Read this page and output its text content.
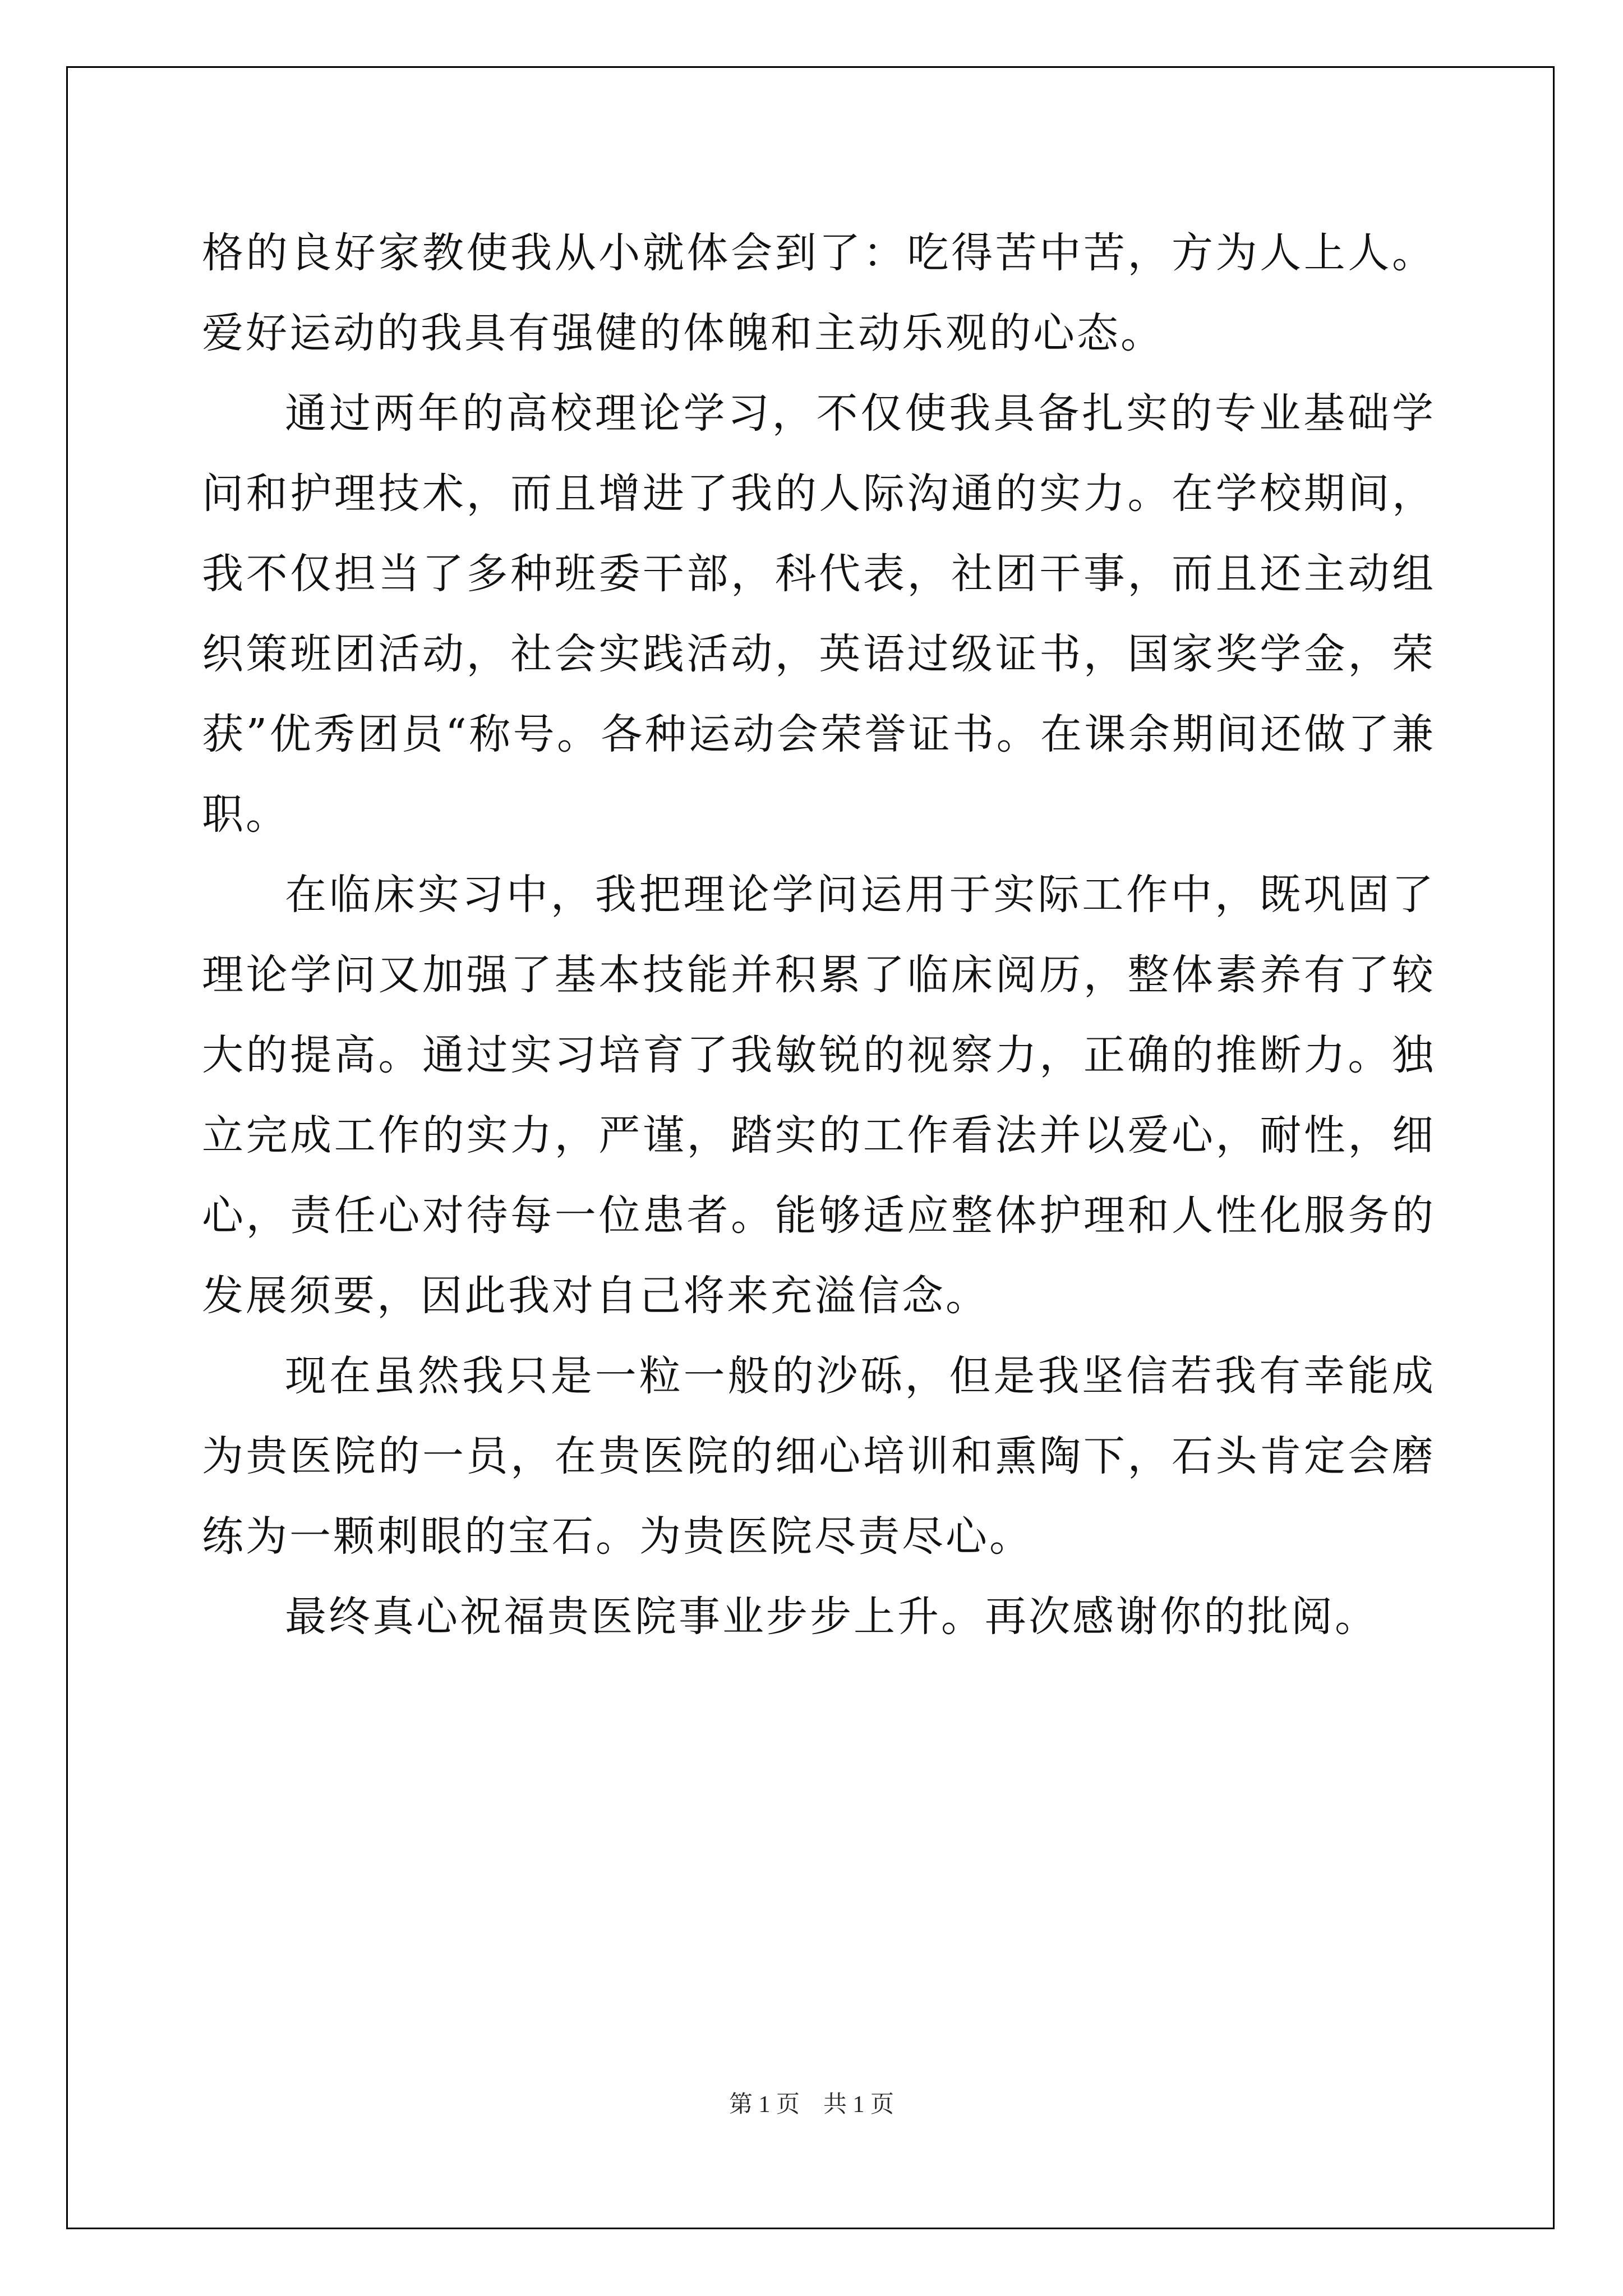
格的良好家教使我从小就体会到了：吃得苦中苦，方为人上人。爱好运动的我具有强健的体魄和主动乐观的心态。

通过两年的高校理论学习，不仅使我具备扎实的专业基础学问和护理技术，而且增进了我的人际沟通的实力。在学校期间，我不仅担当了多种班委干部，科代表，社团干事，而且还主动组织策班团活动，社会实践活动，英语过级证书，国家奖学金，荣获”优秀团员“称号。各种运动会荣誉证书。在课余期间还做了兼职。

在临床实习中，我把理论学问运用于实际工作中，既巩固了理论学问又加强了基本技能并积累了临床阅历，整体素养有了较大的提高。通过实习培育了我敏锐的视察力，正确的推断力。独立完成工作的实力，严谨，踏实的工作看法并以爱心，耐性，细心，责任心对待每一位患者。能够适应整体护理和人性化服务的发展须要，因此我对自己将来充溢信念。

现在虽然我只是一粒一般的沙砾，但是我坚信若我有幸能成为贵医院的一员，在贵医院的细心培训和熏陶下，石头肯定会磨练为一颗刺眼的宝石。为贵医院尽责尽心。

最终真心祝福贵医院事业步步上升。再次感谢你的批阅。

第 1 页 共 1 页
